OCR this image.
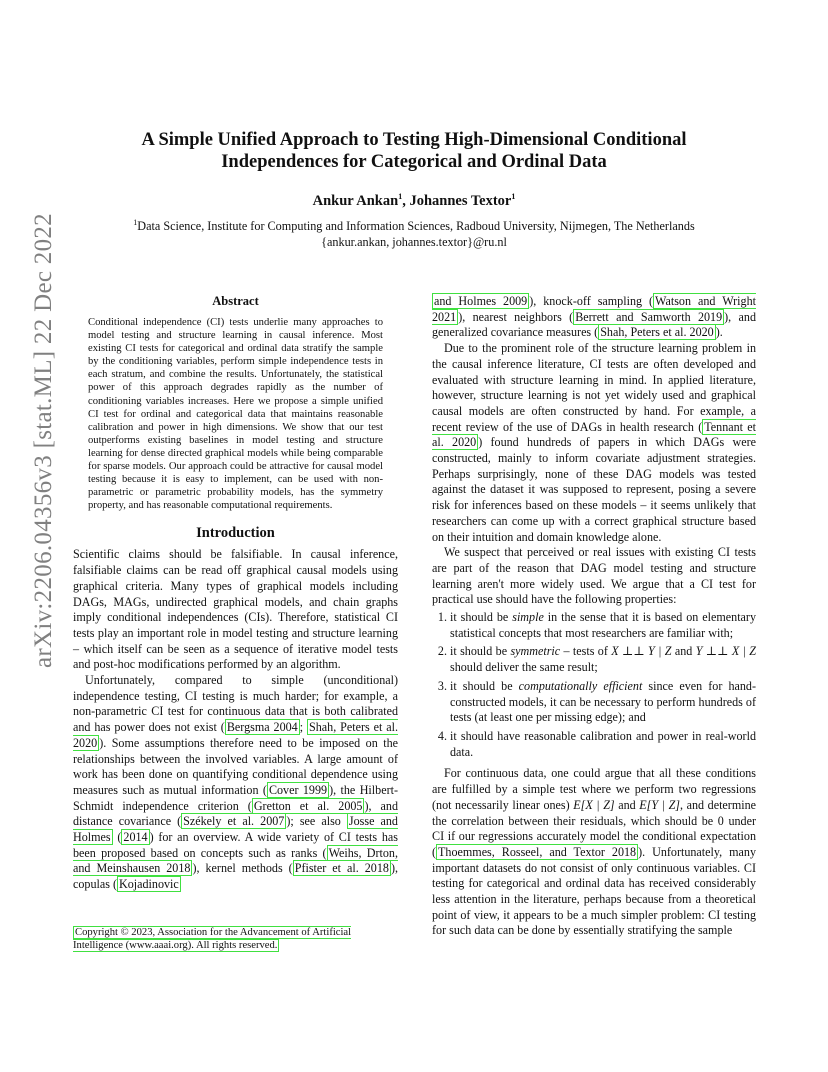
A Simple Unified Approach to Testing High-Dimensional Conditional
Independences for Categorical and Ordinal Data
Ankur Ankan$^1$, Johannes Textor$^1$
$^1$Data Science, Institute for Computing and Information Sciences, Radboud University, Nijmegen, The Netherlands
{ankur.ankan, johannes.textor}@ru.nl
arXiv:2206.04356v3 [stat.ML] 22 Dec 2022	Abstract
Conditional independence (CI) tests underlie many approaches to model testing and structure learning in causal inference. Most existing CI tests for categorical and ordinal data stratify the sample by the conditioning variables, perform simple independence tests in each stratum, and combine the results. Unfortunately, the statistical power of this approach degrades rapidly as the number of conditioning variables increases. Here we propose a simple unified CI test for ordinal and categorical data that maintains reasonable calibration and power in high dimensions. We show that our test outperforms existing baselines in model testing and structure learning for dense directed graphical models while being comparable for sparse models. Our approach could be attractive for causal model testing because it is easy to implement, can be used with non-parametric or parametric probability models, has the symmetry property, and has reasonable computational requirements.
Introduction

Scientific claims should be falsifiable. In causal inference, falsifiable claims can be read off graphical causal models using graphical criteria. Many types of graphical models including DAGs, MAGs, undirected graphical models, and chain graphs imply conditional independences (CIs). Therefore, statistical CI tests play an important role in model testing and structure learning – which itself can be seen as a sequence of iterative model tests and post-hoc modifications performed by an algorithm.

Unfortunately, compared to simple (unconditional) independence testing, CI testing is much harder; for example, a non-parametric CI test for continuous data that is both calibrated and has power does not exist ( Bergsma 2004 ; Shah, Peters et al. 2020 ). Some assumptions therefore need to be imposed on the relationships between the involved variables. A large amount of work has been done on quantifying conditional dependence using measures such as mutual information ( Cover 1999 ), the Hilbert-Schmidt independence criterion ( Gretton et al. 2005 ), and distance covariance ( Székely et al. 2007 ); see also Josse and Holmes ( 2014 ) for an overview. A wide variety of CI tests has been proposed based on concepts such as ranks ( Weihs, Drton, and Meinshausen 2018 ), kernel methods ( Pfister et al. 2018 ), copulas ( Kojadinovic

Copyright © 2023, Association for the Advancement of Artificial Intelligence (www.aaai.org). All rights reserved.

and Holmes 2009 ), knock-off sampling ( Watson and Wright 2021 ), nearest neighbors ( Berrett and Samworth 2019 ), and generalized covariance measures ( Shah, Peters et al. 2020 ).

Due to the prominent role of the structure learning problem in the causal inference literature, CI tests are often developed and evaluated with structure learning in mind. In applied literature, however, structure learning is not yet widely used and graphical causal models are often constructed by hand. For example, a recent review of the use of DAGs in health research ( Tennant et al. 2020 ) found hundreds of papers in which DAGs were constructed, mainly to inform covariate adjustment strategies. Perhaps surprisingly, none of these DAG models was tested against the dataset it was supposed to represent, posing a severe risk for inferences based on these models – it seems unlikely that researchers can come up with a correct graphical structure based on their intuition and domain knowledge alone.

We suspect that perceived or real issues with existing CI tests are part of the reason that DAG model testing and structure learning aren't more widely used. We argue that a CI test for practical use should have the following properties:

1. it should be simple in the sense that it is based on elementary statistical concepts that most researchers are familiar with;
2. it should be symmetric – tests of X ⊥⊥ Y | Z and Y ⊥⊥ X | Z should deliver the same result;
3. it should be computationally efficient since even for hand-constructed models, it can be necessary to perform hundreds of tests (at least one per missing edge); and
4. it should have reasonable calibration and power in real-world data.

For continuous data, one could argue that all these conditions are fulfilled by a simple test where we perform two regressions (not necessarily linear ones) E[X | Z] and E[Y | Z], and determine the correlation between their residuals, which should be 0 under CI if our regressions accurately model the conditional expectation ( Thoemmes, Rosseel, and Textor 2018 ). Unfortunately, many important datasets do not consist of only continuous variables. CI testing for categorical and ordinal data has received considerably less attention in the literature, perhaps because from a theoretical point of view, it appears to be a much simpler problem: CI testing for such data can be done by essentially stratifying the sample
